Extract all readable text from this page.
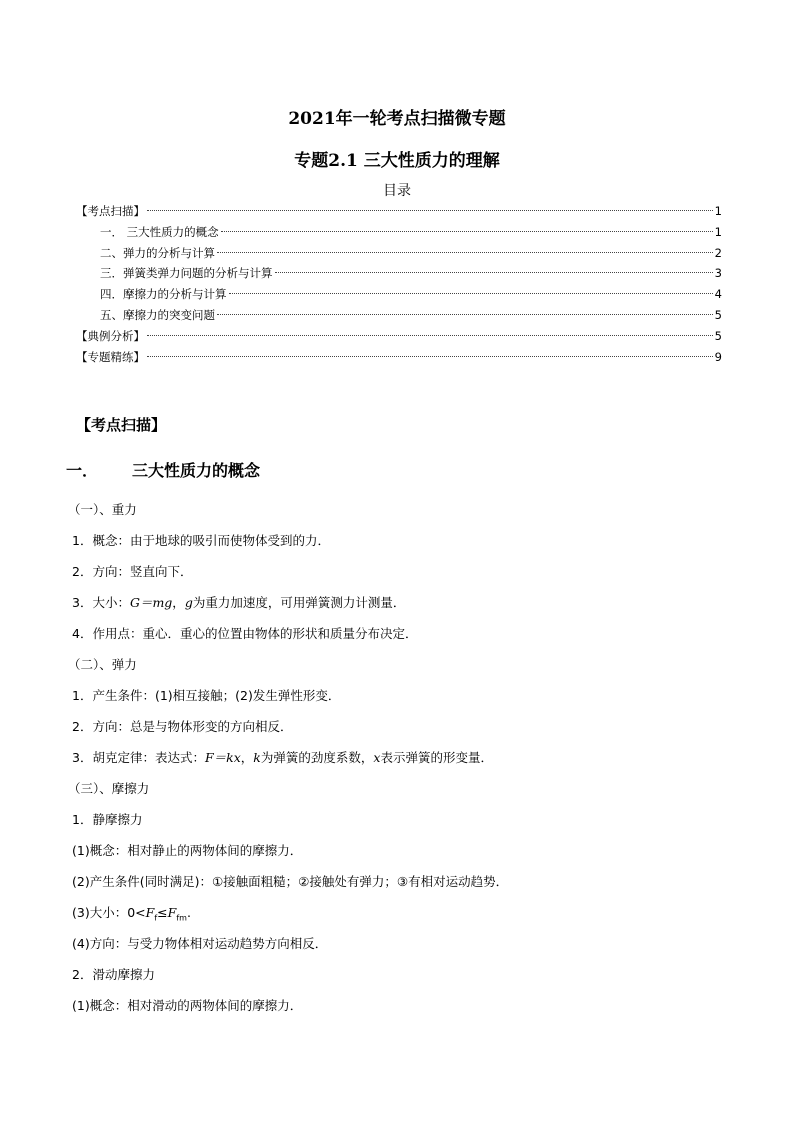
2021年一轮考点扫描微专题
专题2.1 三大性质力的理解
目录
【考点扫描】	1
一． 三大性质力的概念	1
二、弹力的分析与计算	2
三．弹簧类弹力问题的分析与计算	3
四．摩擦力的分析与计算	4
五、摩擦力的突变问题	5
【典例分析】	5
【专题精练】	9
【考点扫描】
一． 三大性质力的概念
（一）、重力
1．概念：由于地球的吸引而使物体受到的力．
2．方向：竖直向下．
3．大小：G＝mg，g为重力加速度，可用弹簧测力计测量．
4．作用点：重心．重心的位置由物体的形状和质量分布决定．
（二）、弹力
1．产生条件：(1)相互接触；(2)发生弹性形变．
2．方向：总是与物体形变的方向相反．
3．胡克定律：表达式：F＝kx，k为弹簧的劲度系数，x表示弹簧的形变量．
（三）、摩擦力
1．静摩擦力
(1)概念：相对静止的两物体间的摩擦力．
(2)产生条件(同时满足)：①接触面粗糙；②接触处有弹力；③有相对运动趋势．
(3)大小：$0<F_f\le F_{fm}$.
(4)方向：与受力物体相对运动趋势方向相反．
2．滑动摩擦力
(1)概念：相对滑动的两物体间的摩擦力．
